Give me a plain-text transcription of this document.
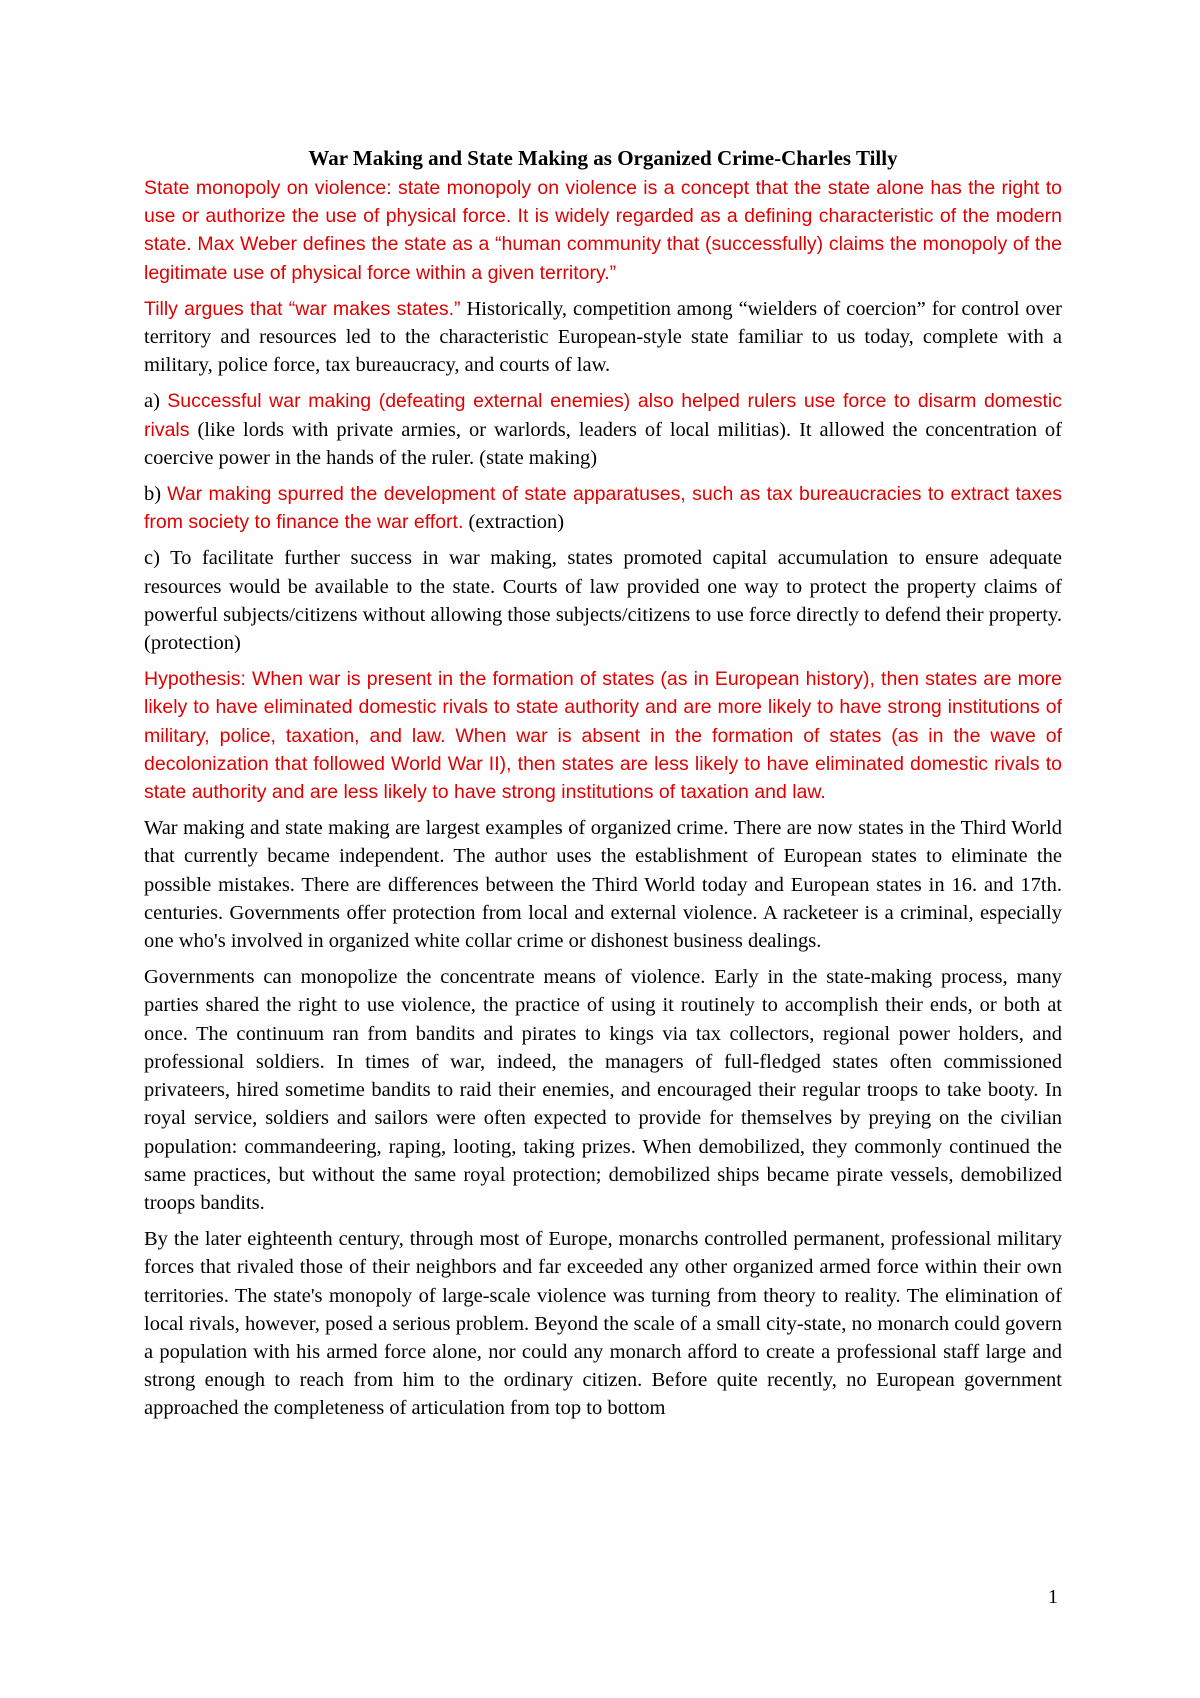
War Making and State Making as Organized Crime-Charles Tilly
State monopoly on violence: state monopoly on violence is a concept that the state alone has the right to use or authorize the use of physical force. It is widely regarded as a defining characteristic of the modern state. Max Weber defines the state as a “human community that (successfully) claims the monopoly of the legitimate use of physical force within a given territory.”
Tilly argues that “war makes states.” Historically, competition among “wielders of coercion” for control over territory and resources led to the characteristic European-style state familiar to us today, complete with a military, police force, tax bureaucracy, and courts of law.
a) Successful war making (defeating external enemies) also helped rulers use force to disarm domestic rivals (like lords with private armies, or warlords, leaders of local militias). It allowed the concentration of coercive power in the hands of the ruler. (state making)
b) War making spurred the development of state apparatuses, such as tax bureaucracies to extract taxes from society to finance the war effort. (extraction)
c) To facilitate further success in war making, states promoted capital accumulation to ensure adequate resources would be available to the state. Courts of law provided one way to protect the property claims of powerful subjects/citizens without allowing those subjects/citizens to use force directly to defend their property. (protection)
Hypothesis: When war is present in the formation of states (as in European history), then states are more likely to have eliminated domestic rivals to state authority and are more likely to have strong institutions of military, police, taxation, and law. When war is absent in the formation of states (as in the wave of decolonization that followed World War II), then states are less likely to have eliminated domestic rivals to state authority and are less likely to have strong institutions of taxation and law.
War making and state making are largest examples of organized crime. There are now states in the Third World that currently became independent. The author uses the establishment of European states to eliminate the possible mistakes. There are differences between the Third World today and European states in 16. and 17th. centuries. Governments offer protection from local and external violence. A racketeer is a criminal, especially one who's involved in organized white collar crime or dishonest business dealings.
Governments can monopolize the concentrate means of violence. Early in the state-making process, many parties shared the right to use violence, the practice of using it routinely to accomplish their ends, or both at once. The continuum ran from bandits and pirates to kings via tax collectors, regional power holders, and professional soldiers. In times of war, indeed, the managers of full-fledged states often commissioned privateers, hired sometime bandits to raid their enemies, and encouraged their regular troops to take booty. In royal service, soldiers and sailors were often expected to provide for themselves by preying on the civilian population: commandeering, raping, looting, taking prizes. When demobilized, they commonly continued the same practices, but without the same royal protection; demobilized ships became pirate vessels, demobilized troops bandits.
By the later eighteenth century, through most of Europe, monarchs controlled permanent, professional military forces that rivaled those of their neighbors and far exceeded any other organized armed force within their own territories. The state's monopoly of large-scale violence was turning from theory to reality. The elimination of local rivals, however, posed a serious problem. Beyond the scale of a small city-state, no monarch could govern a population with his armed force alone, nor could any monarch afford to create a professional staff large and strong enough to reach from him to the ordinary citizen. Before quite recently, no European government approached the completeness of articulation from top to bottom
1
